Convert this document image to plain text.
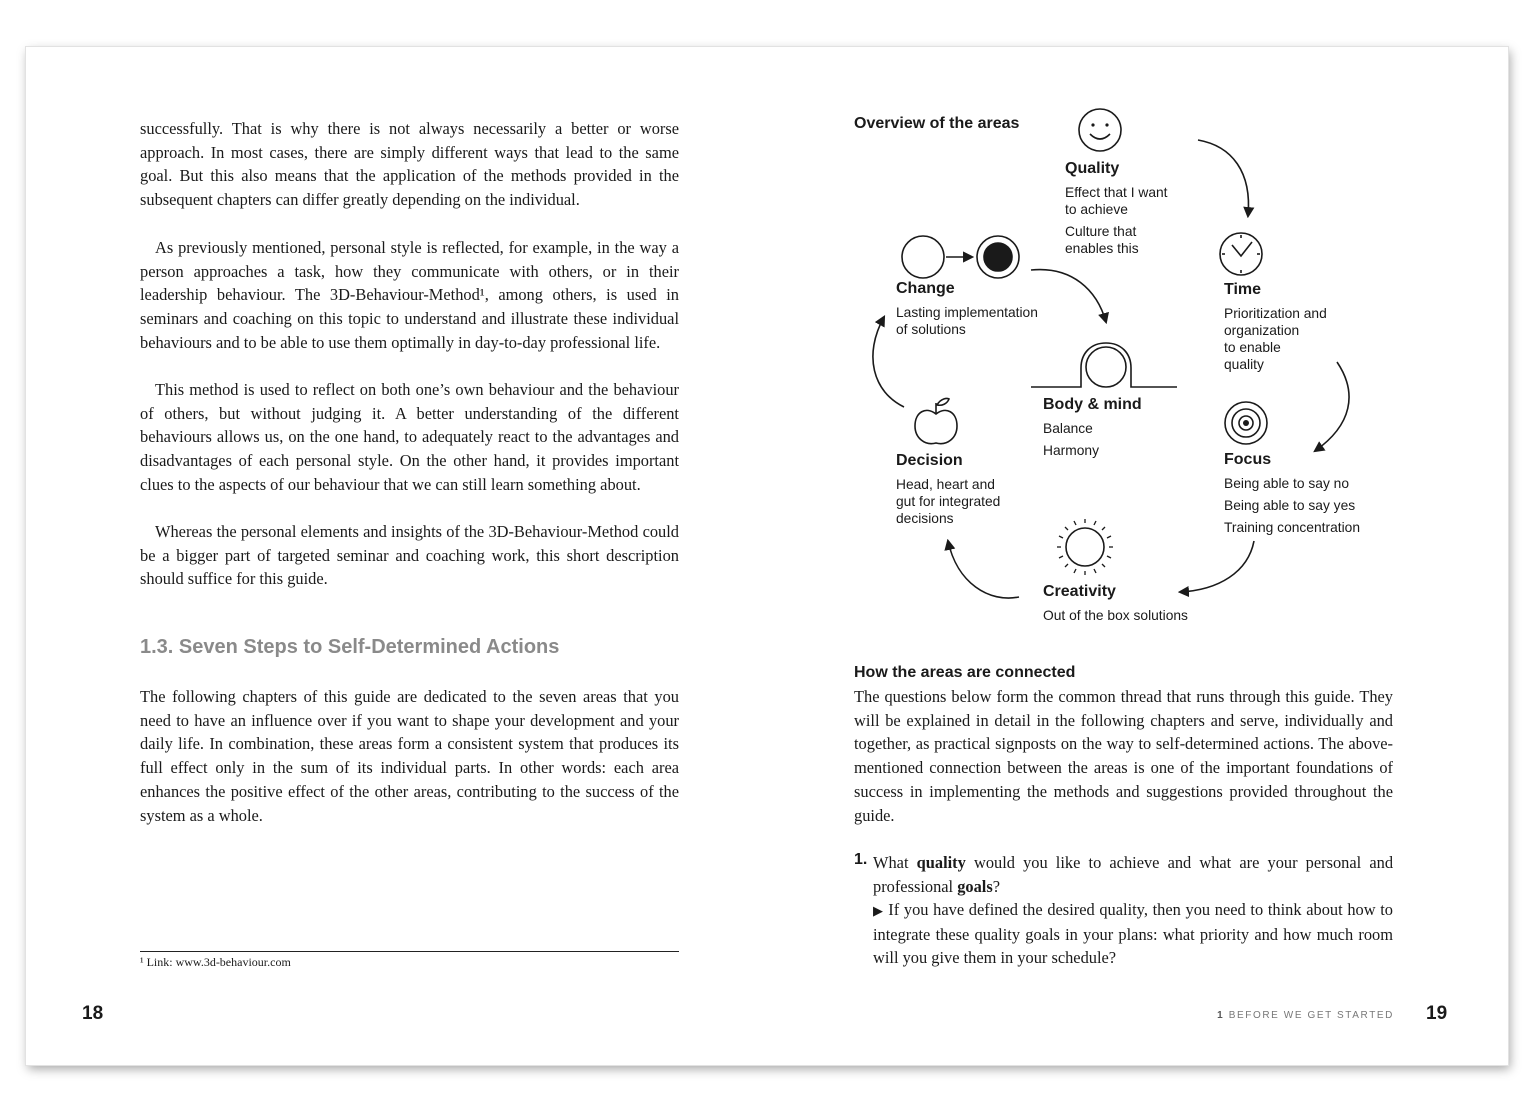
successfully. That is why there is not always necessarily a better or worse approach. In most cases, there are simply different ways that lead to the same goal. But this also means that the application of the methods provided in the subsequent chapters can differ greatly depending on the individual.

As previously mentioned, personal style is reflected, for example, in the way a person approaches a task, how they communicate with others, or in their leadership behaviour. The 3D-Behaviour-Method¹, among others, is used in seminars and coaching on this topic to understand and illustrate these individual behaviours and to be able to use them optimally in day-to-day professional life.

This method is used to reflect on both one’s own behaviour and the behaviour of others, but without judging it. A better understanding of the different behaviours allows us, on the one hand, to adequately react to the advantages and disadvantages of each personal style. On the other hand, it provides important clues to the aspects of our behaviour that we can still learn something about.

Whereas the personal elements and insights of the 3D-Behaviour-Method could be a bigger part of targeted seminar and coaching work, this short description should suffice for this guide.

1.3. Seven Steps to Self-Determined Actions

The following chapters of this guide are dedicated to the seven areas that you need to have an influence over if you want to shape your development and your daily life. In combination, these areas form a consistent system that produces its full effect only in the sum of its individual parts. In other words: each area enhances the positive effect of the other areas, contributing to the success of the system as a whole.

¹ Link: www.3d-behaviour.com
18
Overview of the areas
Quality
Effect that I want
to achieve
Culture that
enables this
Time
Prioritization and
organization
to enable
quality
Focus
Being able to say no
Being able to say yes
Training concentration
Creativity
Out of the box solutions
Decision
Head, heart and
gut for integrated
decisions
Change
Lasting implementation
of solutions
Body & mind
Balance
Harmony
How the areas are connected

The questions below form the common thread that runs through this guide. They will be explained in detail in the following chapters and serve, individually and together, as practical signposts on the way to self-determined actions. The above-mentioned connection between the areas is one of the important foundations of success in implementing the methods and suggestions provided throughout the guide.

1. What quality would you like to achieve and what are your personal and professional goals?

▶ If you have defined the desired quality, then you need to think about how to integrate these quality goals in your plans: what priority and how much room will you give them in your schedule?

1 BEFORE WE GET STARTED 19
